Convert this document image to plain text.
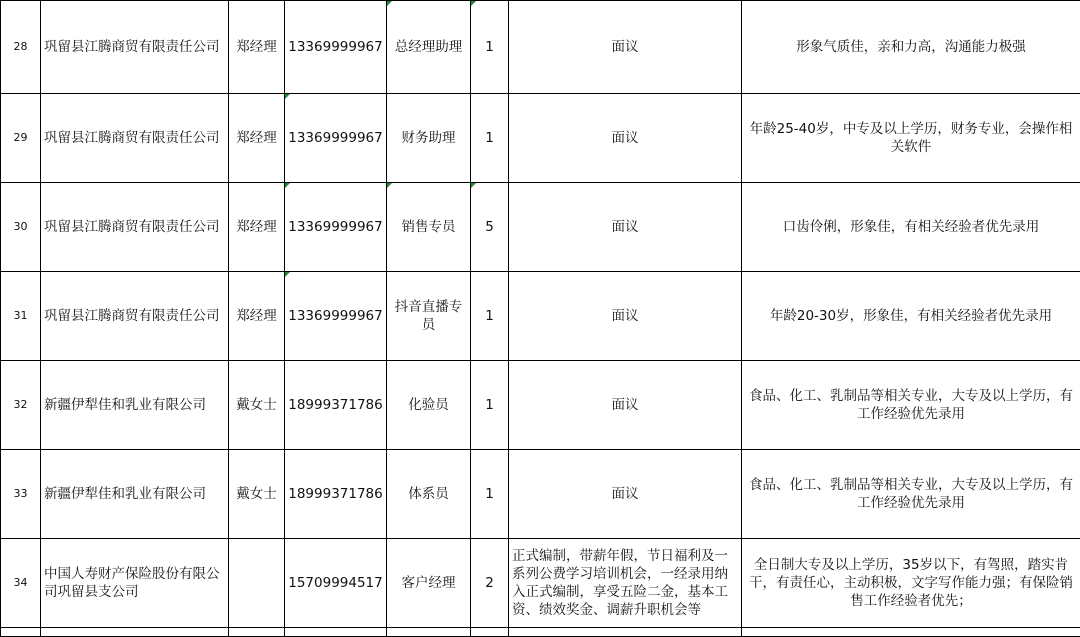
28	巩留县江腾商贸有限责任公司	郑经理	13369999967	总经理助理	1	面议	形象气质佳，亲和力高，沟通能力极强
29	巩留县江腾商贸有限责任公司	郑经理	13369999967	财务助理	1	面议	年龄25-40岁，中专及以上学历，财务专业，会操作相关软件
30	巩留县江腾商贸有限责任公司	郑经理	13369999967	销售专员	5	面议	口齿伶俐，形象佳，有相关经验者优先录用
31	巩留县江腾商贸有限责任公司	郑经理	13369999967	抖音直播专员	1	面议	年龄20-30岁，形象佳，有相关经验者优先录用
32	新疆伊犁佳和乳业有限公司	戴女士	18999371786	化验员	1	面议	食品、化工、乳制品等相关专业，大专及以上学历，有工作经验优先录用
33	新疆伊犁佳和乳业有限公司	戴女士	18999371786	体系员	1	面议	食品、化工、乳制品等相关专业，大专及以上学历，有工作经验优先录用
34	中国人寿财产保险股份有限公司巩留县支公司		15709994517	客户经理	2	正式编制，带薪年假，节日福利及一系列公费学习培训机会，一经录用纳入正式编制，享受五险二金，基本工资、绩效奖金、调薪升职机会等	全日制大专及以上学历，35岁以下，有驾照，踏实肯干，有责任心，主动积极，文字写作能力强；有保险销售工作经验者优先；
